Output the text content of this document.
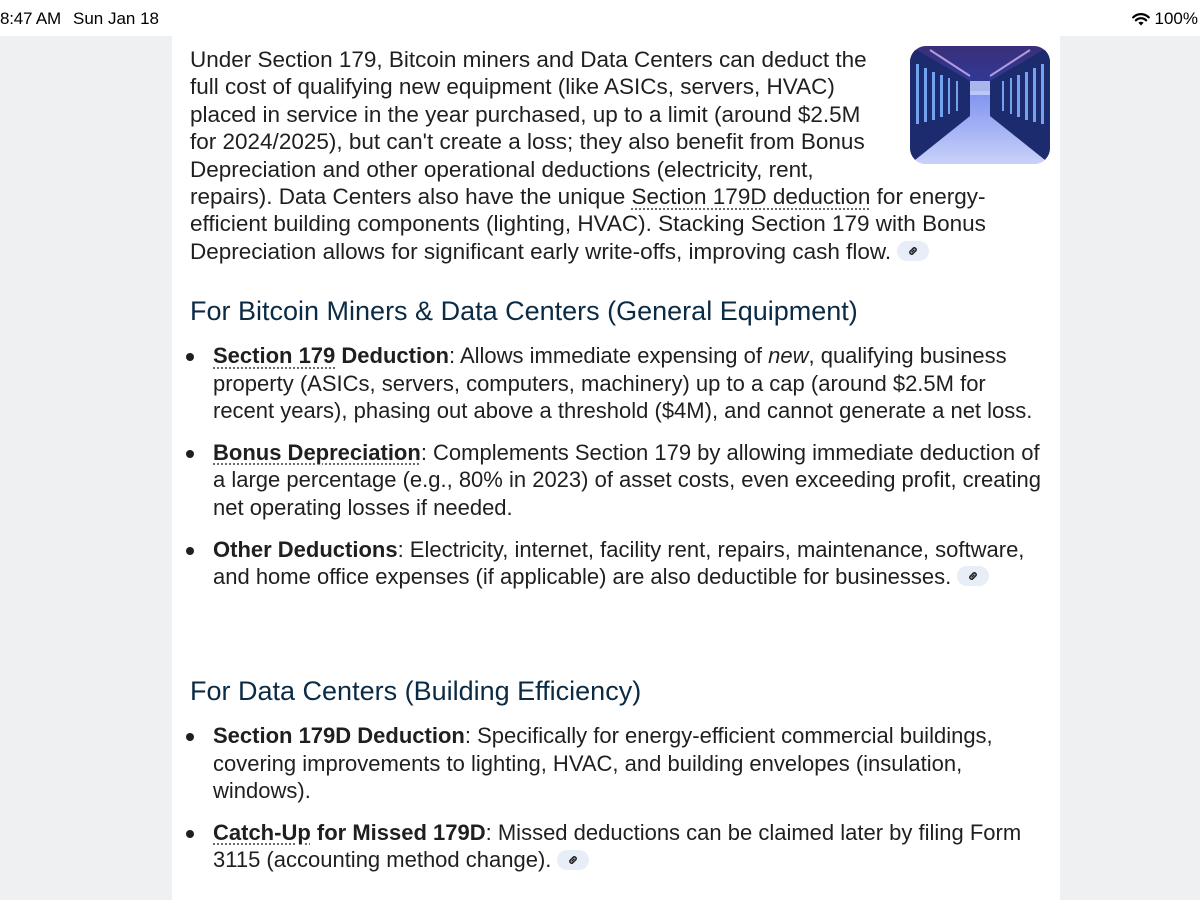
8:47 AM Sun Jan 18	100%

Under Section 179, Bitcoin miners and Data Centers can deduct the full cost of qualifying new equipment (like ASICs, servers, HVAC) placed in service in the year purchased, up to a limit (around $2.5M for 2024/2025), but can't create a loss; they also benefit from Bonus Depreciation and other operational deductions (electricity, rent, repairs). Data Centers also have the unique Section 179D deduction for energy-efficient building components (lighting, HVAC). Stacking Section 179 with Bonus Depreciation allows for significant early write-offs, improving cash flow.

For Bitcoin Miners & Data Centers (General Equipment)
Section 179 Deduction: Allows immediate expensing of new, qualifying business property (ASICs, servers, computers, machinery) up to a cap (around $2.5M for recent years), phasing out above a threshold ($4M), and cannot generate a net loss.
Bonus Depreciation: Complements Section 179 by allowing immediate deduction of a large percentage (e.g., 80% in 2023) of asset costs, even exceeding profit, creating net operating losses if needed.
Other Deductions: Electricity, internet, facility rent, repairs, maintenance, software, and home office expenses (if applicable) are also deductible for businesses.
For Data Centers (Building Efficiency)
Section 179D Deduction: Specifically for energy-efficient commercial buildings, covering improvements to lighting, HVAC, and building envelopes (insulation, windows).
Catch-Up for Missed 179D: Missed deductions can be claimed later by filing Form 3115 (accounting method change).
